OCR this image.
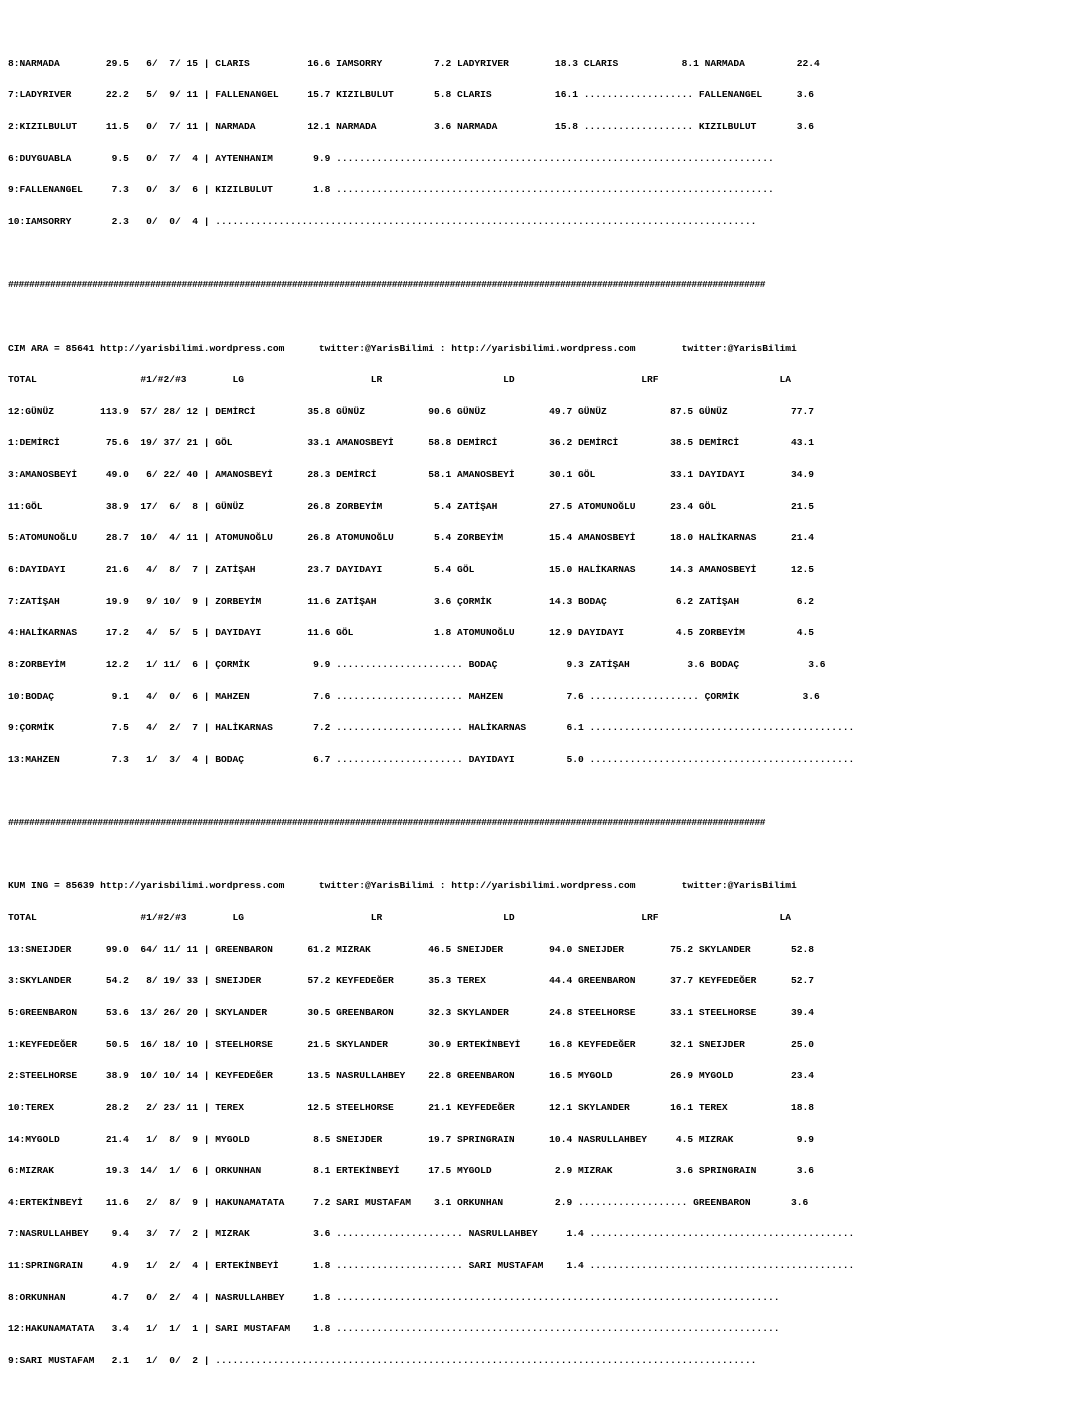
8:NARMADA        29.5   6/  7/ 15 | CLARIS          16.6 IAMSORRY         7.2 LADYRIVER        18.3 CLARIS           8.1 NARMADA         22.4

7:LADYRIVER      22.2   5/  9/ 11 | FALLENANGEL     15.7 KIZILBULUT       5.8 CLARIS           16.1 ................... FALLENANGEL      3.6

2:KIZILBULUT     11.5   0/  7/ 11 | NARMADA         12.1 NARMADA          3.6 NARMADA          15.8 ................... KIZILBULUT       3.6

6:DUYGUABLA       9.5   0/  7/  4 | AYTENHANIM       9.9 ............................................................................

9:FALLENANGEL     7.3   0/  3/  6 | KIZILBULUT       1.8 ............................................................................

10:IAMSORRY       2.3   0/  0/  4 | ..............................................................................................

################################################################################################################################################

CIM ARA = 85641 http://yarisbilimi.wordpress.com      twitter:@YarisBilimi : http://yarisbilimi.wordpress.com        twitter:@YarisBilimi

TOTAL                  #1/#2/#3        LG                      LR                     LD                      LRF                     LA

12:GÜNÜZ        113.9  57/ 28/ 12 | DEMİRCİ         35.8 GÜNÜZ           90.6 GÜNÜZ           49.7 GÜNÜZ           87.5 GÜNÜZ           77.7

1:DEMİRCİ        75.6  19/ 37/ 21 | GÖL             33.1 AMANOSBEYİ      58.8 DEMİRCİ         36.2 DEMİRCİ         38.5 DEMİRCİ         43.1

3:AMANOSBEYİ     49.0   6/ 22/ 40 | AMANOSBEYİ      28.3 DEMİRCİ         58.1 AMANOSBEYİ      30.1 GÖL             33.1 DAYIDAYI        34.9

11:GÖL           38.9  17/  6/  8 | GÜNÜZ           26.8 ZORBEYİM         5.4 ZATİŞAH         27.5 ATOMUNOĞLU      23.4 GÖL             21.5

5:ATOMUNOĞLU     28.7  10/  4/ 11 | ATOMUNOĞLU      26.8 ATOMUNOĞLU       5.4 ZORBEYİM        15.4 AMANOSBEYİ      18.0 HALİKARNAS      21.4

6:DAYIDAYI       21.6   4/  8/  7 | ZATİŞAH         23.7 DAYIDAYI         5.4 GÖL             15.0 HALİKARNAS      14.3 AMANOSBEYİ      12.5

7:ZATİŞAH        19.9   9/ 10/  9 | ZORBEYİM        11.6 ZATİŞAH          3.6 ÇORMİK          14.3 BODAÇ            6.2 ZATİŞAH          6.2

4:HALİKARNAS     17.2   4/  5/  5 | DAYIDAYI        11.6 GÖL              1.8 ATOMUNOĞLU      12.9 DAYIDAYI         4.5 ZORBEYİM         4.5

8:ZORBEYİM       12.2   1/ 11/  6 | ÇORMİK           9.9 ...................... BODAÇ            9.3 ZATİŞAH          3.6 BODAÇ            3.6

10:BODAÇ          9.1   4/  0/  6 | MAHZEN           7.6 ...................... MAHZEN           7.6 ................... ÇORMİK           3.6

9:ÇORMİK          7.5   4/  2/  7 | HALİKARNAS       7.2 ...................... HALİKARNAS       6.1 ..............................................

13:MAHZEN         7.3   1/  3/  4 | BODAÇ            6.7 ...................... DAYIDAYI         5.0 ..............................................

################################################################################################################################################

KUM ING = 85639 http://yarisbilimi.wordpress.com      twitter:@YarisBilimi : http://yarisbilimi.wordpress.com        twitter:@YarisBilimi

TOTAL                  #1/#2/#3        LG                      LR                     LD                      LRF                     LA

13:SNEIJDER      99.0  64/ 11/ 11 | GREENBARON      61.2 MIZRAK          46.5 SNEIJDER        94.0 SNEIJDER        75.2 SKYLANDER       52.8

3:SKYLANDER      54.2   8/ 19/ 33 | SNEIJDER        57.2 KEYFEDEĞER      35.3 TEREX           44.4 GREENBARON      37.7 KEYFEDEĞER      52.7

5:GREENBARON     53.6  13/ 26/ 20 | SKYLANDER       30.5 GREENBARON      32.3 SKYLANDER       24.8 STEELHORSE      33.1 STEELHORSE      39.4

1:KEYFEDEĞER     50.5  16/ 18/ 10 | STEELHORSE      21.5 SKYLANDER       30.9 ERTEKİNBEYİ     16.8 KEYFEDEĞER      32.1 SNEIJDER        25.0

2:STEELHORSE     38.9  10/ 10/ 14 | KEYFEDEĞER      13.5 NASRULLAHBEY    22.8 GREENBARON      16.5 MYGOLD          26.9 MYGOLD          23.4

10:TEREX         28.2   2/ 23/ 11 | TEREX           12.5 STEELHORSE      21.1 KEYFEDEĞER      12.1 SKYLANDER       16.1 TEREX           18.8

14:MYGOLD        21.4   1/  8/  9 | MYGOLD           8.5 SNEIJDER        19.7 SPRINGRAIN      10.4 NASRULLAHBEY     4.5 MIZRAK           9.9

6:MIZRAK         19.3  14/  1/  6 | ORKUNHAN         8.1 ERTEKİNBEYİ     17.5 MYGOLD           2.9 MIZRAK           3.6 SPRINGRAIN       3.6

4:ERTEKİNBEYİ    11.6   2/  8/  9 | HAKUNAMATATA     7.2 SARI MUSTAFAM    3.1 ORKUNHAN         2.9 ................... GREENBARON       3.6

7:NASRULLAHBEY    9.4   3/  7/  2 | MIZRAK           3.6 ...................... NASRULLAHBEY     1.4 ..............................................

11:SPRINGRAIN     4.9   1/  2/  4 | ERTEKİNBEYİ      1.8 ...................... SARI MUSTAFAM    1.4 ..............................................

8:ORKUNHAN        4.7   0/  2/  4 | NASRULLAHBEY     1.8 .............................................................................

12:HAKUNAMATATA   3.4   1/  1/  1 | SARI MUSTAFAM    1.8 .............................................................................

9:SARI MUSTAFAM   2.1   1/  0/  2 | ..............................................................................................
